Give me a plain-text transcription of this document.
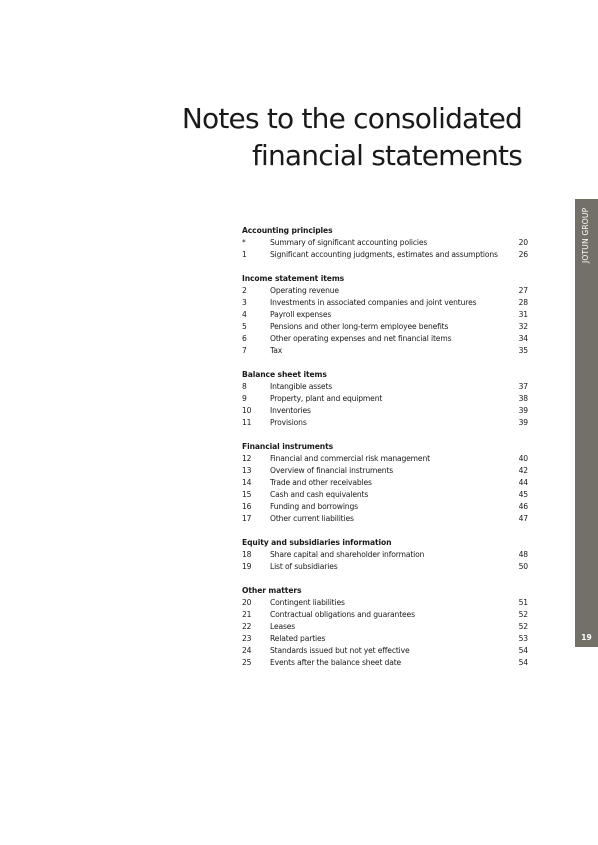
Notes to the consolidated
financial statements
Accounting principles
*	Summary of significant accounting policies	20
1	Significant accounting judgments, estimates and assumptions	26
Income statement items
2	Operating revenue	27
3	Investments in associated companies and joint ventures	28
4	Payroll expenses	31
5	Pensions and other long-term employee benefits	32
6	Other operating expenses and net financial items	34
7	Tax	35
Balance sheet items
8	Intangible assets	37
9	Property, plant and equipment	38
10	Inventories	39
11	Provisions	39
Financial instruments
12	Financial and commercial risk management	40
13	Overview of financial instruments	42
14	Trade and other receivables	44
15	Cash and cash equivalents	45
16	Funding and borrowings	46
17	Other current liabilities	47
Equity and subsidiaries information
18	Share capital and shareholder information	48
19	List of subsidiaries	50
Other matters
20	Contingent liabilities	51
21	Contractual obligations and guarantees	52
22	Leases	52
23	Related parties	53
24	Standards issued but not yet effective	54
25	Events after the balance sheet date	54
JOTUN GROUP
19
